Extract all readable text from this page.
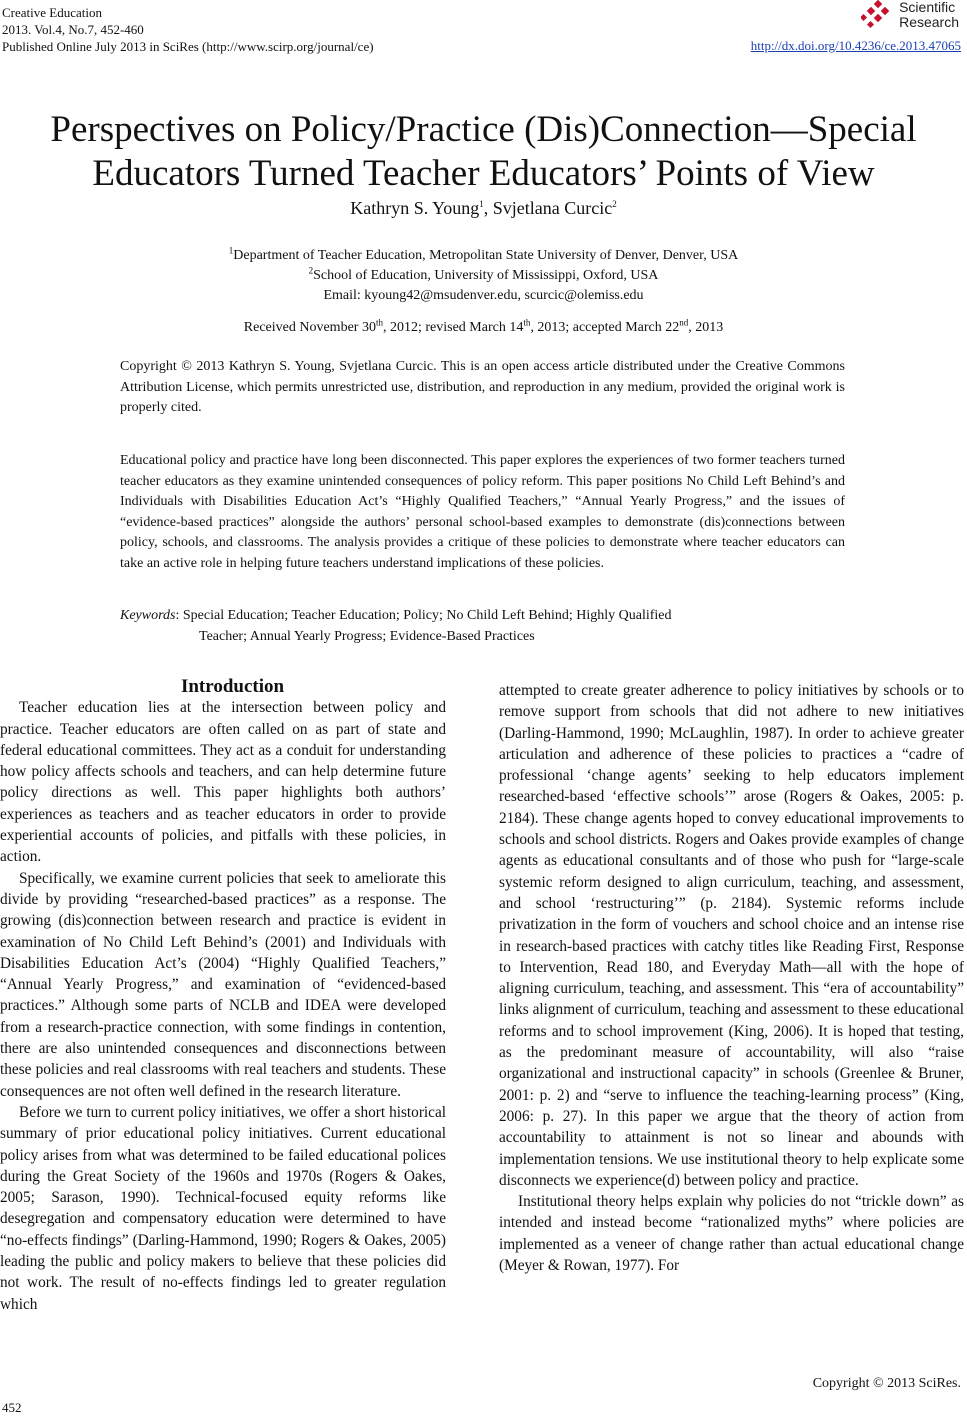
Creative Education
2013. Vol.4, No.7, 452-460
Published Online July 2013 in SciRes (http://www.scirp.org/journal/ce)
Scientific
Research
http://dx.doi.org/10.4236/ce.2013.47065
Perspectives on Policy/Practice (Dis)Connection—Special Educators Turned Teacher Educators’ Points of View
Kathryn S. Young$^1$, Svjetlana Curcic$^2$
$^1$Department of Teacher Education, Metropolitan State University of Denver, Denver, USA
$^2$School of Education, University of Mississippi, Oxford, USA
Email: kyoung42@msudenver.edu, scurcic@olemiss.edu
Received November 30th, 2012; revised March 14th, 2013; accepted March 22nd, 2013
Copyright © 2013 Kathryn S. Young, Svjetlana Curcic. This is an open access article distributed under the Creative Commons Attribution License, which permits unrestricted use, distribution, and reproduction in any medium, provided the original work is properly cited.
Educational policy and practice have long been disconnected. This paper explores the experiences of two former teachers turned teacher educators as they examine unintended consequences of policy reform. This paper positions No Child Left Behind’s and Individuals with Disabilities Education Act’s “Highly Qualified Teachers,” “Annual Yearly Progress,” and the issues of “evidence-based practices” alongside the authors’ personal school-based examples to demonstrate (dis)connections between policy, schools, and classrooms. The analysis provides a critique of these policies to demonstrate where teacher educators can take an active role in helping future teachers understand implications of these policies.
Keywords: Special Education; Teacher Education; Policy; No Child Left Behind; Highly Qualified
Teacher; Annual Yearly Progress; Evidence-Based Practices

Introduction

Teacher education lies at the intersection between policy and practice. Teacher educators are often called on as part of state and federal educational committees. They act as a conduit for understanding how policy affects schools and teachers, and can help determine future policy directions as well. This paper highlights both authors’ experiences as teachers and as teacher educators in order to provide experiential accounts of policies, and pitfalls with these policies, in action.

Specifically, we examine current policies that seek to ameliorate this divide by providing “researched-based practices” as a response. The growing (dis)connection between research and practice is evident in examination of No Child Left Behind’s (2001) and Individuals with Disabilities Education Act’s (2004) “Highly Qualified Teachers,” “Annual Yearly Progress,” and examination of “evidenced-based practices.” Although some parts of NCLB and IDEA were developed from a research-practice connection, with some findings in contention, there are also unintended consequences and disconnections between these policies and real classrooms with real teachers and students. These consequences are not often well defined in the research literature.

Before we turn to current policy initiatives, we offer a short historical summary of prior educational policy initiatives. Current educational policy arises from what was determined to be failed educational polices during the Great Society of the 1960s and 1970s (Rogers & Oakes, 2005; Sarason, 1990). Technical-focused equity reforms like desegregation and compensatory education were determined to have “no-effects findings” (Darling-Hammond, 1990; Rogers & Oakes, 2005) leading the public and policy makers to believe that these policies did not work. The result of no-effects findings led to greater regulation which

attempted to create greater adherence to policy initiatives by schools or to remove support from schools that did not adhere to new initiatives (Darling-Hammond, 1990; McLaughlin, 1987). In order to achieve greater articulation and adherence of these policies to practices a “cadre of professional ‘change agents’ seeking to help educators implement researched-based ‘effective schools’” arose (Rogers & Oakes, 2005: p. 2184). These change agents hoped to convey educational improvements to schools and school districts. Rogers and Oakes provide examples of change agents as educational consultants and of those who push for “large-scale systemic reform designed to align curriculum, teaching, and assessment, and school ‘restructuring’” (p. 2184). Systemic reforms include privatization in the form of vouchers and school choice and an intense rise in research-based practices with catchy titles like Reading First, Response to Intervention, Read 180, and Everyday Math—all with the hope of aligning curriculum, teaching, and assessment. This “era of accountability” links alignment of curriculum, teaching and assessment to these educational reforms and to school improvement (King, 2006). It is hoped that testing, as the predominant measure of accountability, will also “raise organizational and instructional capacity” in schools (Greenlee & Bruner, 2001: p. 2) and “serve to influence the teaching-learning process” (King, 2006: p. 27). In this paper we argue that the theory of action from accountability to attainment is not so linear and abounds with implementation tensions. We use institutional theory to help explicate some disconnects we experience(d) between policy and practice.

Institutional theory helps explain why policies do not “trickle down” as intended and instead become “rationalized myths” where policies are implemented as a veneer of change rather than actual educational change (Meyer & Rowan, 1977). For

Copyright © 2013 SciRes.
452
